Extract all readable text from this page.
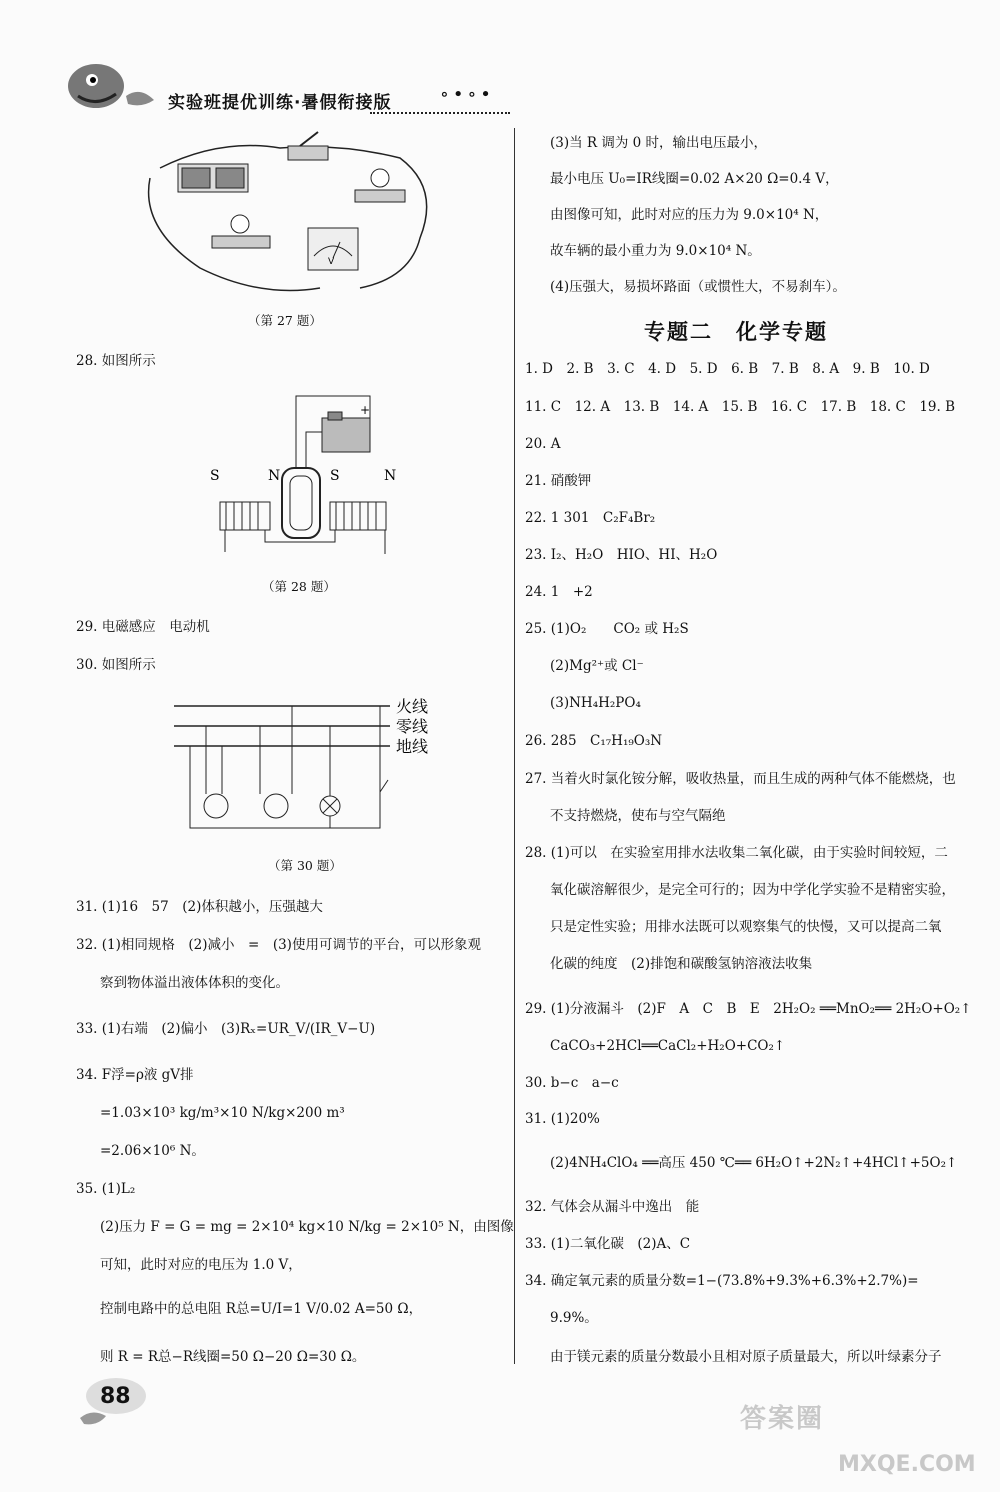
实验班提优训练·暑假衔接版	∘•∘•
V
（第 27 题）
28. 如图所示
S	N	S	N
+
（第 28 题）
29. 电磁感应　电动机
30. 如图所示
火线
零线
地线
（第 30 题）
31. (1)16　57　(2)体积越小，压强越大
32. (1)相同规格　(2)减小　=　(3)使用可调节的平台，可以形象观
察到物体溢出液体体积的变化。
33. (1)右端　(2)偏小　(3)Rₓ=UR_V/(IR_V−U)
34. F浮=ρ液 gV排
=1.03×10³ kg/m³×10 N/kg×200 m³
=2.06×10⁶ N。
35. (1)L₂
(2)压力 F = G = mg = 2×10⁴ kg×10 N/kg = 2×10⁵ N，由图像
可知，此时对应的电压为 1.0 V，
控制电路中的总电阻 R总=U/I=1 V/0.02 A=50 Ω，
则 R = R总−R线圈=50 Ω−20 Ω=30 Ω。
(3)当 R 调为 0 时，输出电压最小，
最小电压 U₀=IR线圈=0.02 A×20 Ω=0.4 V，
由图像可知，此时对应的压力为 9.0×10⁴ N，
故车辆的最小重力为 9.0×10⁴ N。
(4)压强大，易损坏路面（或惯性大，不易刹车）。
专题二　化学专题
1. D　2. B　3. C　4. D　5. D　6. B　7. B　8. A　9. B　10. D
11. C　12. A　13. B　14. A　15. B　16. C　17. B　18. C　19. B
20. A
21. 硝酸钾
22. 1 301　C₂F₄Br₂
23. I₂、H₂O　HIO、HI、H₂O
24. 1　+2
25. (1)O₂　　CO₂ 或 H₂S
(2)Mg²⁺或 Cl⁻
(3)NH₄H₂PO₄
26. 285　C₁₇H₁₉O₃N
27. 当着火时氯化铵分解，吸收热量，而且生成的两种气体不能燃烧，也
不支持燃烧，使布与空气隔绝
28. (1)可以　在实验室用排水法收集二氧化碳，由于实验时间较短，二
氧化碳溶解很少，是完全可行的；因为中学化学实验不是精密实验，
只是定性实验；用排水法既可以观察集气的快慢，又可以提高二氧
化碳的纯度　(2)排饱和碳酸氢钠溶液法收集
29. (1)分液漏斗　(2)F　A　C　B　E　2H₂O₂ ══MnO₂══ 2H₂O+O₂↑
CaCO₃+2HCl══CaCl₂+H₂O+CO₂↑
30. b−c　a−c
31. (1)20%
(2)4NH₄ClO₄ ══高压 450 ℃══ 6H₂O↑+2N₂↑+4HCl↑+5O₂↑
32. 气体会从漏斗中逸出　能
33. (1)二氧化碳　(2)A、C
34. 确定氧元素的质量分数=1−(73.8%+9.3%+6.3%+2.7%)=
9.9%。
由于镁元素的质量分数最小且相对原子质量最大，所以叶绿素分子
88
答案圈
MXQE.COM
